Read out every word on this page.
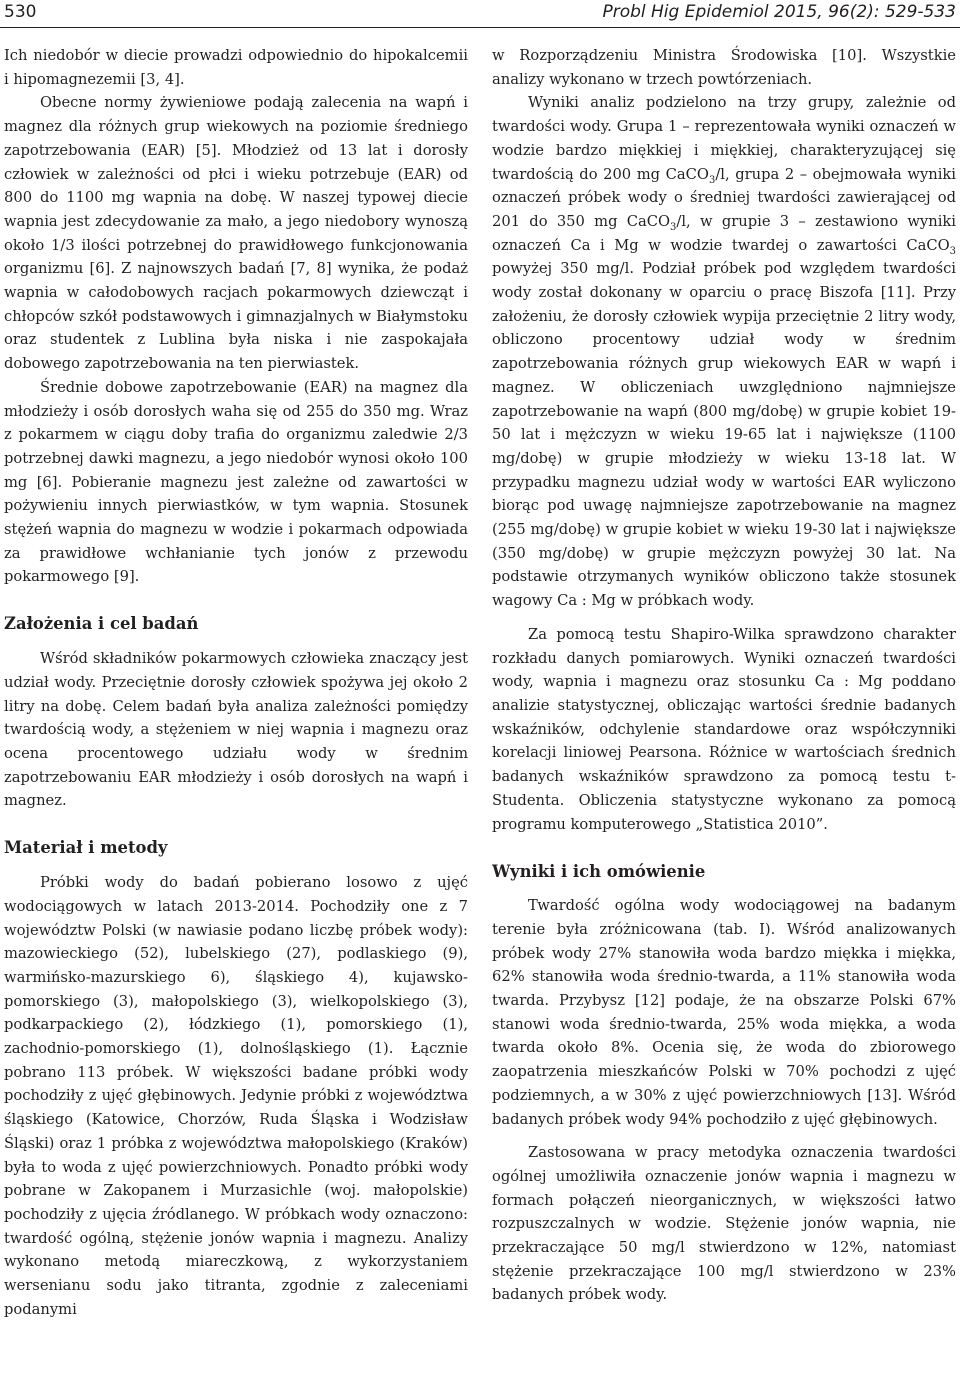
530	Probl Hig Epidemiol 2015, 96(2): 529-533

Ich niedobór w diecie prowadzi odpowiednio do hipokalcemii i hipomagnezemii [3, 4].

Obecne normy żywieniowe podają zalecenia na wapń i magnez dla różnych grup wiekowych na poziomie średniego zapotrzebowania (EAR) [5]. Młodzież od 13 lat i dorosły człowiek w zależności od płci i wieku potrzebuje (EAR) od 800 do 1100 mg wapnia na dobę. W naszej typowej diecie wapnia jest zdecydowanie za mało, a jego niedobory wynoszą około 1/3 ilości potrzebnej do prawidłowego funkcjonowania organizmu [6]. Z najnowszych badań [7, 8] wynika, że podaż wapnia w całodobowych racjach pokarmowych dziewcząt i chłopców szkół podstawowych i gimnazjalnych w Białymstoku oraz studentek z Lublina była niska i nie zaspokajała dobowego zapotrzebowania na ten pierwiastek.

Średnie dobowe zapotrzebowanie (EAR) na magnez dla młodzieży i osób dorosłych waha się od 255 do 350 mg. Wraz z pokarmem w ciągu doby trafia do organizmu zaledwie 2/3 potrzebnej dawki magnezu, a jego niedobór wynosi około 100 mg [6]. Pobieranie magnezu jest zależne od zawartości w pożywieniu innych pierwiastków, w tym wapnia. Stosunek stężeń wapnia do magnezu w wodzie i pokarmach odpowiada za prawidłowe wchłanianie tych jonów z przewodu pokarmowego [9].

Założenia i cel badań

Wśród składników pokarmowych człowieka znaczący jest udział wody. Przeciętnie dorosły człowiek spożywa jej około 2 litry na dobę. Celem badań była analiza zależności pomiędzy twardością wody, a stężeniem w niej wapnia i magnezu oraz ocena procentowego udziału wody w średnim zapotrzebowaniu EAR młodzieży i osób dorosłych na wapń i magnez.

Materiał i metody

Próbki wody do badań pobierano losowo z ujęć wodociągowych w latach 2013-2014. Pochodziły one z 7 województw Polski (w nawiasie podano liczbę próbek wody): mazowieckiego (52), lubelskiego (27), podlaskiego (9), warmińsko-mazurskiego 6), śląskiego 4), kujawsko-pomorskiego (3), małopolskiego (3), wielkopolskiego (3), podkarpackiego (2), łódzkiego (1), pomorskiego (1), zachodnio-pomorskiego (1), dolnośląskiego (1). Łącznie pobrano 113 próbek. W większości badane próbki wody pochodziły z ujęć głębinowych. Jedynie próbki z województwa śląskiego (Katowice, Chorzów, Ruda Śląska i Wodzisław Śląski) oraz 1 próbka z województwa małopolskiego (Kraków) była to woda z ujęć powierzchniowych. Ponadto próbki wody pobrane w Zakopanem i Murzasichle (woj. małopolskie) pochodziły z ujęcia źródlanego. W próbkach wody oznaczono: twardość ogólną, stężenie jonów wapnia i magnezu. Analizy wykonano metodą miareczkową, z wykorzystaniem wersenianu sodu jako titranta, zgodnie z zaleceniami podanymi

w Rozporządzeniu Ministra Środowiska [10]. Wszystkie analizy wykonano w trzech powtórzeniach.

Wyniki analiz podzielono na trzy grupy, zależnie od twardości wody. Grupa 1 – reprezentowała wyniki oznaczeń w wodzie bardzo miękkiej i miękkiej, charakteryzującej się twardością do 200 mg CaCO$_3$/l, grupa 2 – obejmowała wyniki oznaczeń próbek wody o średniej twardości zawierającej od 201 do 350 mg CaCO$_3$/l, w grupie 3 – zestawiono wyniki oznaczeń Ca i Mg w wodzie twardej o zawartości CaCO$_3$ powyżej 350 mg/l. Podział próbek pod względem twardości wody został dokonany w oparciu o pracę Biszofa [11]. Przy założeniu, że dorosły człowiek wypija przeciętnie 2 litry wody, obliczono procentowy udział wody w średnim zapotrzebowania różnych grup wiekowych EAR w wapń i magnez. W obliczeniach uwzględniono najmniejsze zapotrzebowanie na wapń (800 mg/dobę) w grupie kobiet 19-50 lat i mężczyzn w wieku 19-65 lat i największe (1100 mg/dobę) w grupie młodzieży w wieku 13-18 lat. W przypadku magnezu udział wody w wartości EAR wyliczono biorąc pod uwagę najmniejsze zapotrzebowanie na magnez (255 mg/dobę) w grupie kobiet w wieku 19-30 lat i największe (350 mg/dobę) w grupie mężczyzn powyżej 30 lat. Na podstawie otrzymanych wyników obliczono także stosunek wagowy Ca : Mg w próbkach wody.

Za pomocą testu Shapiro-Wilka sprawdzono charakter rozkładu danych pomiarowych. Wyniki oznaczeń twardości wody, wapnia i magnezu oraz stosunku Ca : Mg poddano analizie statystycznej, obliczając wartości średnie badanych wskaźników, odchylenie standardowe oraz współczynniki korelacji liniowej Pearsona. Różnice w wartościach średnich badanych wskaźników sprawdzono za pomocą testu t-Studenta. Obliczenia statystyczne wykonano za pomocą programu komputerowego „Statistica 2010”.

Wyniki i ich omówienie

Twardość ogólna wody wodociągowej na badanym terenie była zróżnicowana (tab. I). Wśród analizowanych próbek wody 27% stanowiła woda bardzo miękka i miękka, 62% stanowiła woda średnio-twarda, a 11% stanowiła woda twarda. Przybysz [12] podaje, że na obszarze Polski 67% stanowi woda średnio-twarda, 25% woda miękka, a woda twarda około 8%. Ocenia się, że woda do zbiorowego zaopatrzenia mieszkańców Polski w 70% pochodzi z ujęć podziemnych, a w 30% z ujęć powierzchniowych [13]. Wśród badanych próbek wody 94% pochodziło z ujęć głębinowych.

Zastosowana w pracy metodyka oznaczenia twardości ogólnej umożliwiła oznaczenie jonów wapnia i magnezu w formach połączeń nieorganicznych, w większości łatwo rozpuszczalnych w wodzie. Stężenie jonów wapnia, nie przekraczające 50 mg/l stwierdzono w 12%, natomiast stężenie przekraczające 100 mg/l stwierdzono w 23% badanych próbek wody.
